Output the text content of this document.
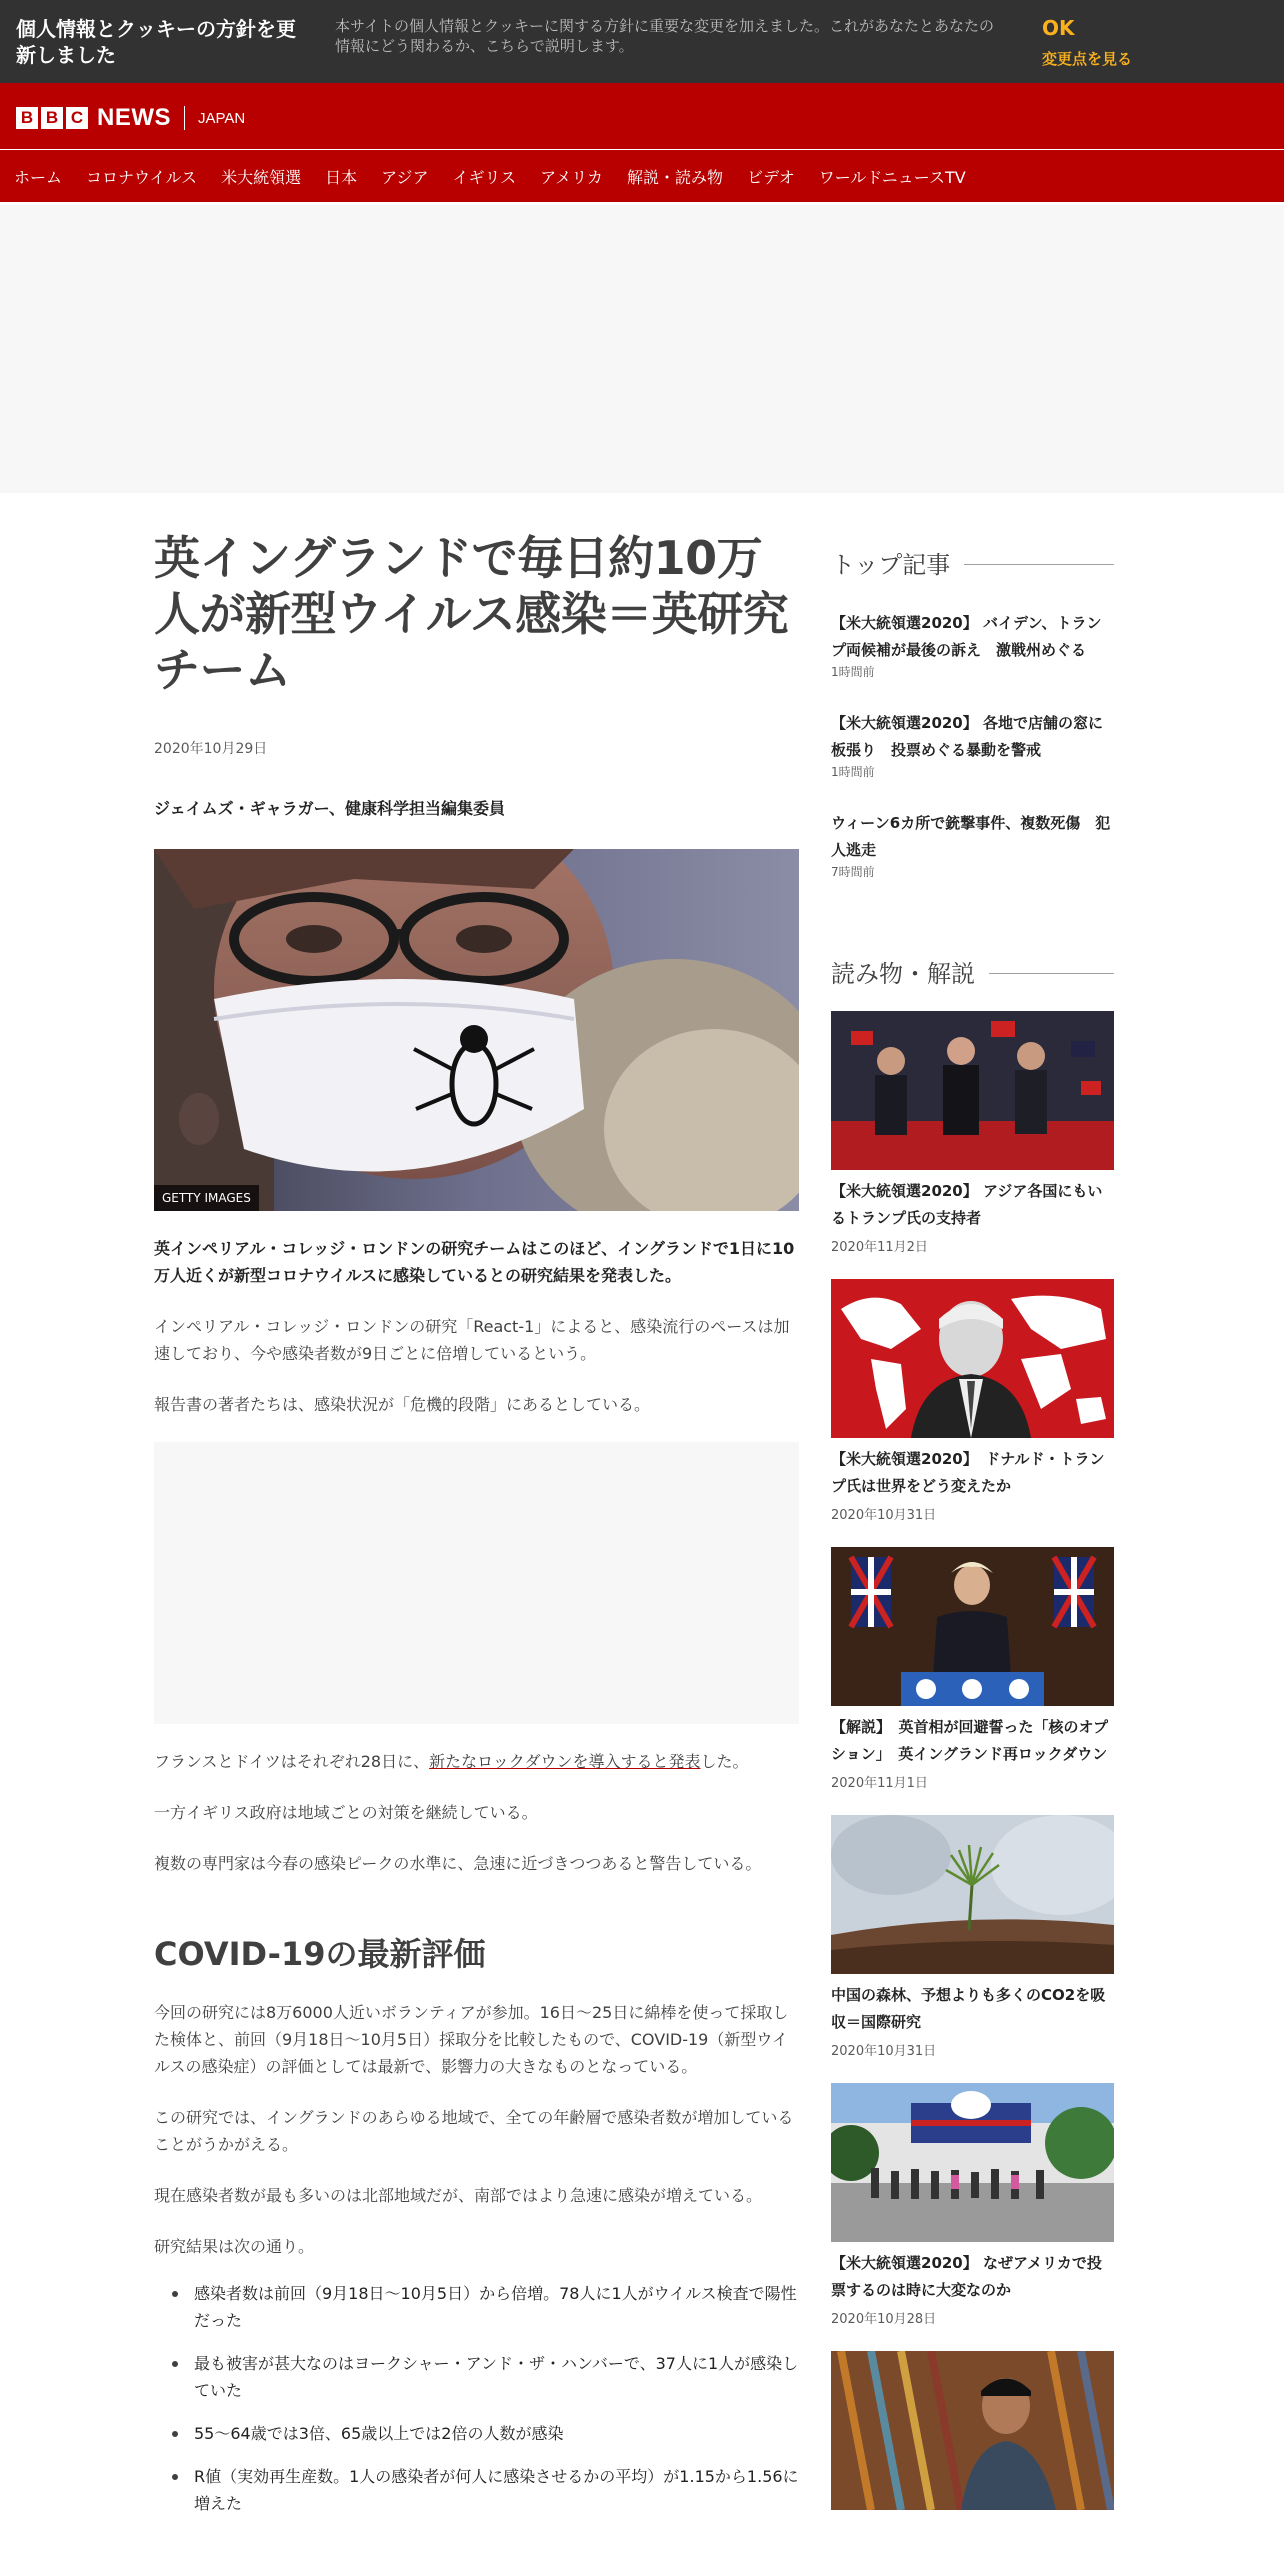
個人情報とクッキーの方針を更新しました
本サイトの個人情報とクッキーに関する方針に重要な変更を加えました。これがあなたとあなたの情報にどう関わるか、こちらで説明します。
OK
変更点を見る
B B C NEWS JAPAN
ホーム コロナウイルス 米大統領選 日本 アジア イギリス アメリカ 解説・読み物 ビデオ ワールドニュースTV
英イングランドで毎日約10万人が新型ウイルス感染＝英研究チーム
2020年10月29日
ジェイムズ・ギャラガー、健康科学担当編集委員
GETTY IMAGES

英インペリアル・コレッジ・ロンドンの研究チームはこのほど、イングランドで1日に10万人近くが新型コロナウイルスに感染しているとの研究結果を発表した。

インペリアル・コレッジ・ロンドンの研究「React-1」によると、感染流行のペースは加速しており、今や感染者数が9日ごとに倍増しているという。

報告書の著者たちは、感染状況が「危機的段階」にあるとしている。

フランスとドイツはそれぞれ28日に、新たなロックダウンを導入すると発表した。

一方イギリス政府は地域ごとの対策を継続している。

複数の専門家は今春の感染ピークの水準に、急速に近づきつつあると警告している。

COVID-19の最新評価

今回の研究には8万6000人近いボランティアが参加。16日～25日に綿棒を使って採取した検体と、前回（9月18日～10月5日）採取分を比較したもので、COVID-19（新型ウイルスの感染症）の評価としては最新で、影響力の大きなものとなっている。

この研究では、イングランドのあらゆる地域で、全ての年齢層で感染者数が増加していることがうかがえる。

現在感染者数が最も多いのは北部地域だが、南部ではより急速に感染が増えている。

研究結果は次の通り。

感染者数は前回（9月18日～10月5日）から倍増。78人に1人がウイルス検査で陽性だった
最も被害が甚大なのはヨークシャー・アンド・ザ・ハンバーで、37人に1人が感染していた
55～64歳では3倍、65歳以上では2倍の人数が感染
R値（実効再生産数。1人の感染者が何人に感染させるかの平均）が1.15から1.56に増えた
トップ記事
【米大統領選2020】 バイデン、トランプ両候補が最後の訴え　激戦州めぐる
1時間前
【米大統領選2020】 各地で店舗の窓に板張り　投票めぐる暴動を警戒
1時間前
ウィーン6カ所で銃撃事件、複数死傷　犯人逃走
7時間前
読み物・解説
【米大統領選2020】 アジア各国にもいるトランプ氏の支持者
2020年11月2日
【米大統領選2020】　ドナルド・トランプ氏は世界をどう変えたか
2020年10月31日
【解説】　英首相が回避誓った「核のオプション」　英イングランド再ロックダウン
2020年11月1日
中国の森林、予想よりも多くのCO2を吸収＝国際研究
2020年10月31日
【米大統領選2020】 なぜアメリカで投票するのは時に大変なのか
2020年10月28日
